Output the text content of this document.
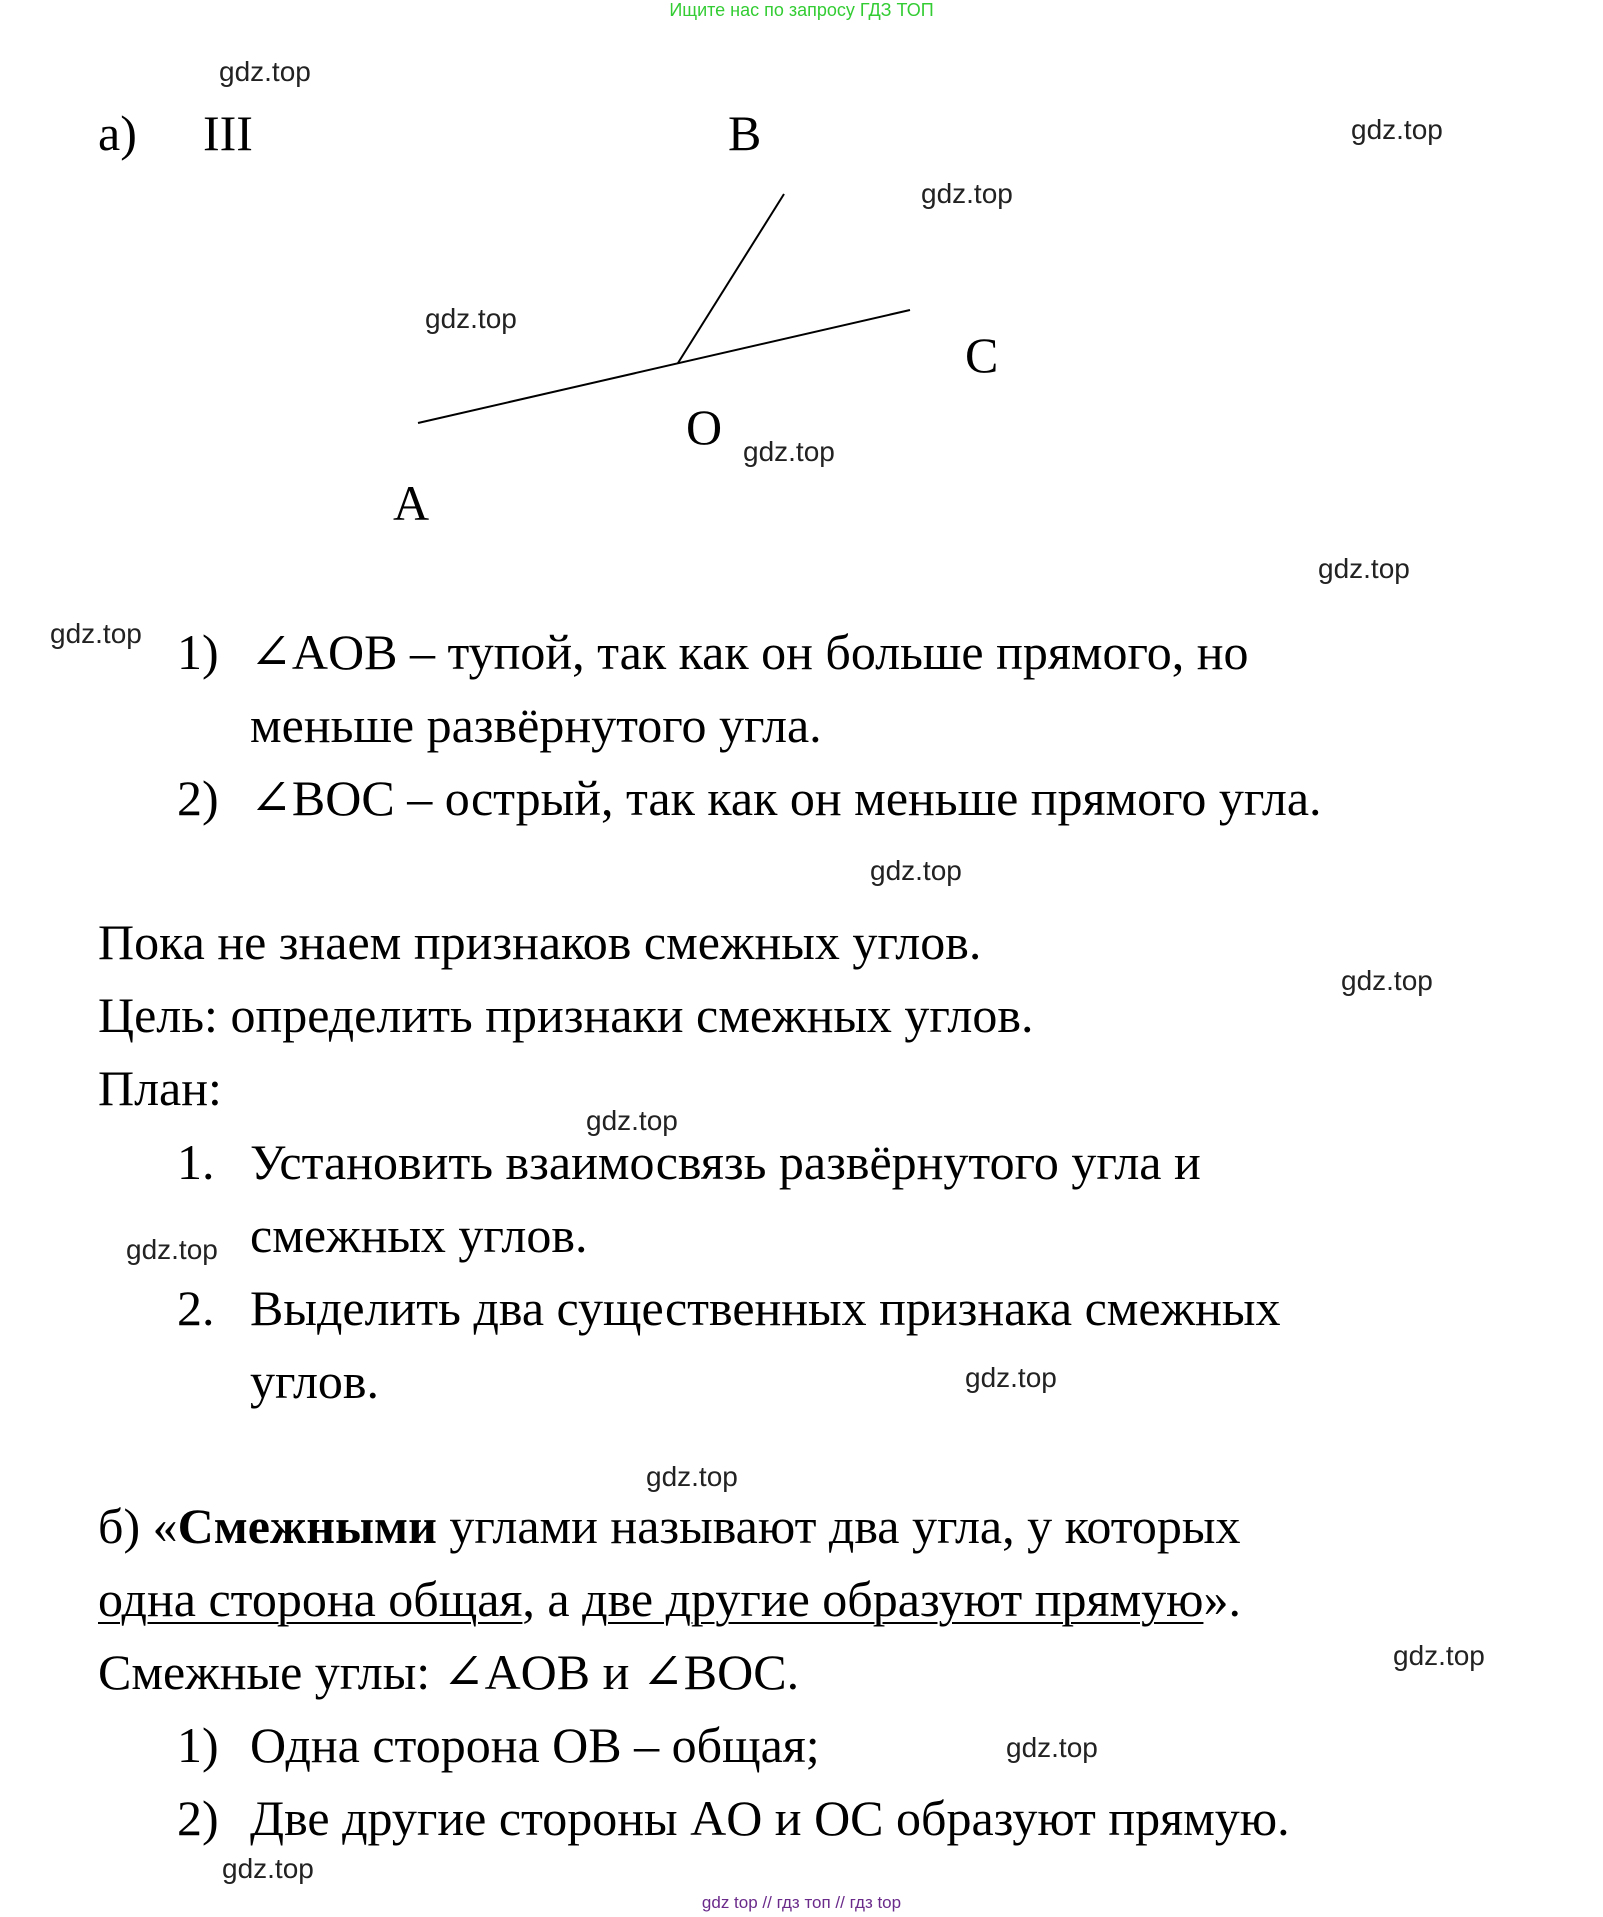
Ищите нас по запросу ГДЗ ТОП
gdz.top
gdz.top
gdz.top
gdz.top
gdz.top
gdz.top
gdz.top
gdz.top
gdz.top
gdz.top
gdz.top
gdz.top
gdz.top
gdz.top
gdz.top
gdz.top
а) III	B
C
O
A
1) ∠AOB – тупой, так как он больше прямого, но
меньше развёрнутого угла.
2) ∠BOC – острый, так как он меньше прямого угла.
Пока не знаем признаков смежных углов.
Цель: определить признаки смежных углов.
План:
1. Установить взаимосвязь развёрнутого угла и
смежных углов.
2. Выделить два существенных признака смежных
углов.
б) «Смежными углами называют два угла, у которых
одна сторона общая, а две другие образуют прямую».
Смежные углы: ∠AOB и ∠BOC.
1) Одна сторона OB – общая;
2) Две другие стороны AO и OC образуют прямую.
gdz top // гдз топ // гдз top
